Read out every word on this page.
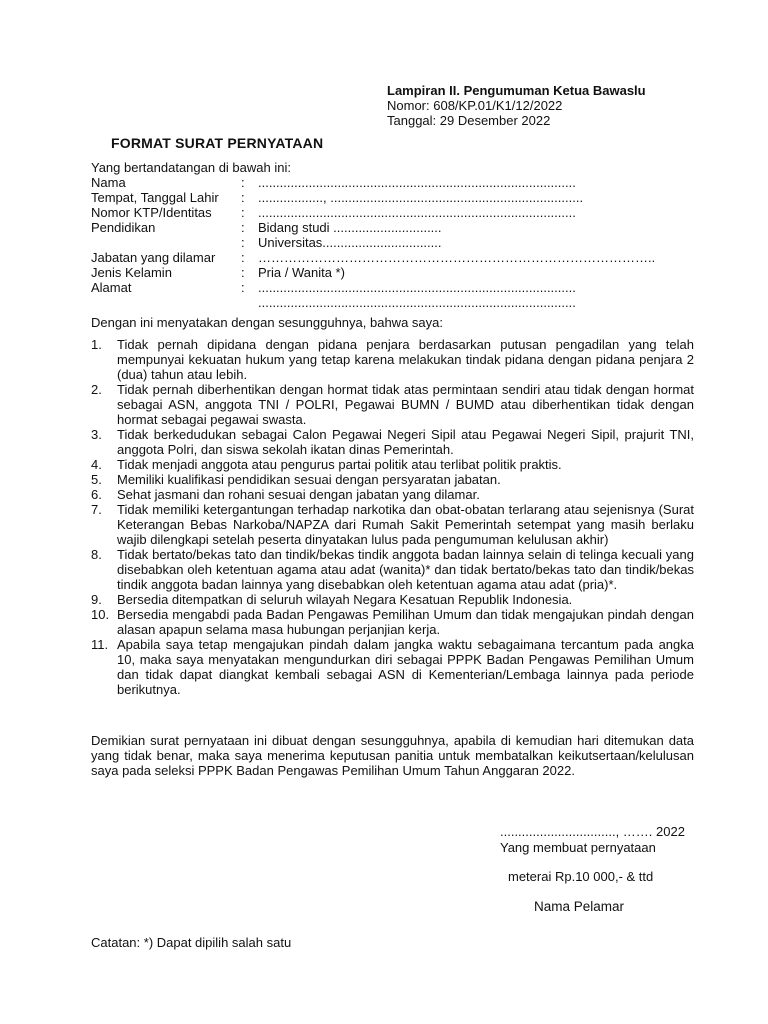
Lampiran II. Pengumuman Ketua Bawaslu
Nomor: 608/KP.01/K1/12/2022
Tanggal: 29 Desember 2022
FORMAT SURAT PERNYATAAN
Yang bertandatangan di bawah ini:
Nama	:	........................................................................................
Tempat, Tanggal Lahir	:	.................., ......................................................................
Nomor KTP/Identitas	:	........................................................................................
Pendidikan	:	Bidang studi ..............................
:	Universitas.................................
Jabatan yang dilamar	:	………………………………………………………………………………..
Jenis Kelamin	:	Pria / Wanita *)
Alamat	:	........................................................................................
........................................................................................
Dengan ini menyatakan dengan sesungguhnya, bahwa saya:
1.	Tidak pernah dipidana dengan pidana penjara berdasarkan putusan pengadilan yang telah mempunyai kekuatan hukum yang tetap karena melakukan tindak pidana dengan pidana penjara 2 (dua) tahun atau lebih.
2.	Tidak pernah diberhentikan dengan hormat tidak atas permintaan sendiri atau tidak dengan hormat sebagai ASN, anggota TNI / POLRI, Pegawai BUMN / BUMD atau diberhentikan tidak dengan hormat sebagai pegawai swasta.
3.	Tidak berkedudukan sebagai Calon Pegawai Negeri Sipil atau Pegawai Negeri Sipil, prajurit TNI, anggota Polri, dan siswa sekolah ikatan dinas Pemerintah.
4.	Tidak menjadi anggota atau pengurus partai politik atau terlibat politik praktis.
5.	Memiliki kualifikasi pendidikan sesuai dengan persyaratan jabatan.
6.	Sehat jasmani dan rohani sesuai dengan jabatan yang dilamar.
7.	Tidak memiliki ketergantungan terhadap narkotika dan obat-obatan terlarang atau sejenisnya (Surat Keterangan Bebas Narkoba/NAPZA dari Rumah Sakit Pemerintah setempat yang masih berlaku wajib dilengkapi setelah peserta dinyatakan lulus pada pengumuman kelulusan akhir)
8.	Tidak bertato/bekas tato dan tindik/bekas tindik anggota badan lainnya selain di telinga kecuali yang disebabkan oleh ketentuan agama atau adat (wanita)* dan tidak bertato/bekas tato dan tindik/bekas tindik anggota badan lainnya yang disebabkan oleh ketentuan agama atau adat (pria)*.
9.	Bersedia ditempatkan di seluruh wilayah Negara Kesatuan Republik Indonesia.
10. Bersedia mengabdi pada Badan Pengawas Pemilihan Umum dan tidak mengajukan pindah dengan alasan apapun selama masa hubungan perjanjian kerja.
11. Apabila saya tetap mengajukan pindah dalam jangka waktu sebagaimana tercantum pada angka 10, maka saya menyatakan mengundurkan diri sebagai PPPK Badan Pengawas Pemilihan Umum dan tidak dapat diangkat kembali sebagai ASN di Kementerian/Lembaga lainnya pada periode berikutnya.
Demikian surat pernyataan ini dibuat dengan sesungguhnya, apabila di kemudian hari ditemukan data yang tidak benar, maka saya menerima keputusan panitia untuk membatalkan keikutsertaan/kelulusan saya pada seleksi PPPK Badan Pengawas Pemilihan Umum Tahun Anggaran 2022.
................................, ……. 2022
Yang membuat pernyataan
meterai Rp.10 000,- & ttd
Nama Pelamar
Catatan: *) Dapat dipilih salah satu
